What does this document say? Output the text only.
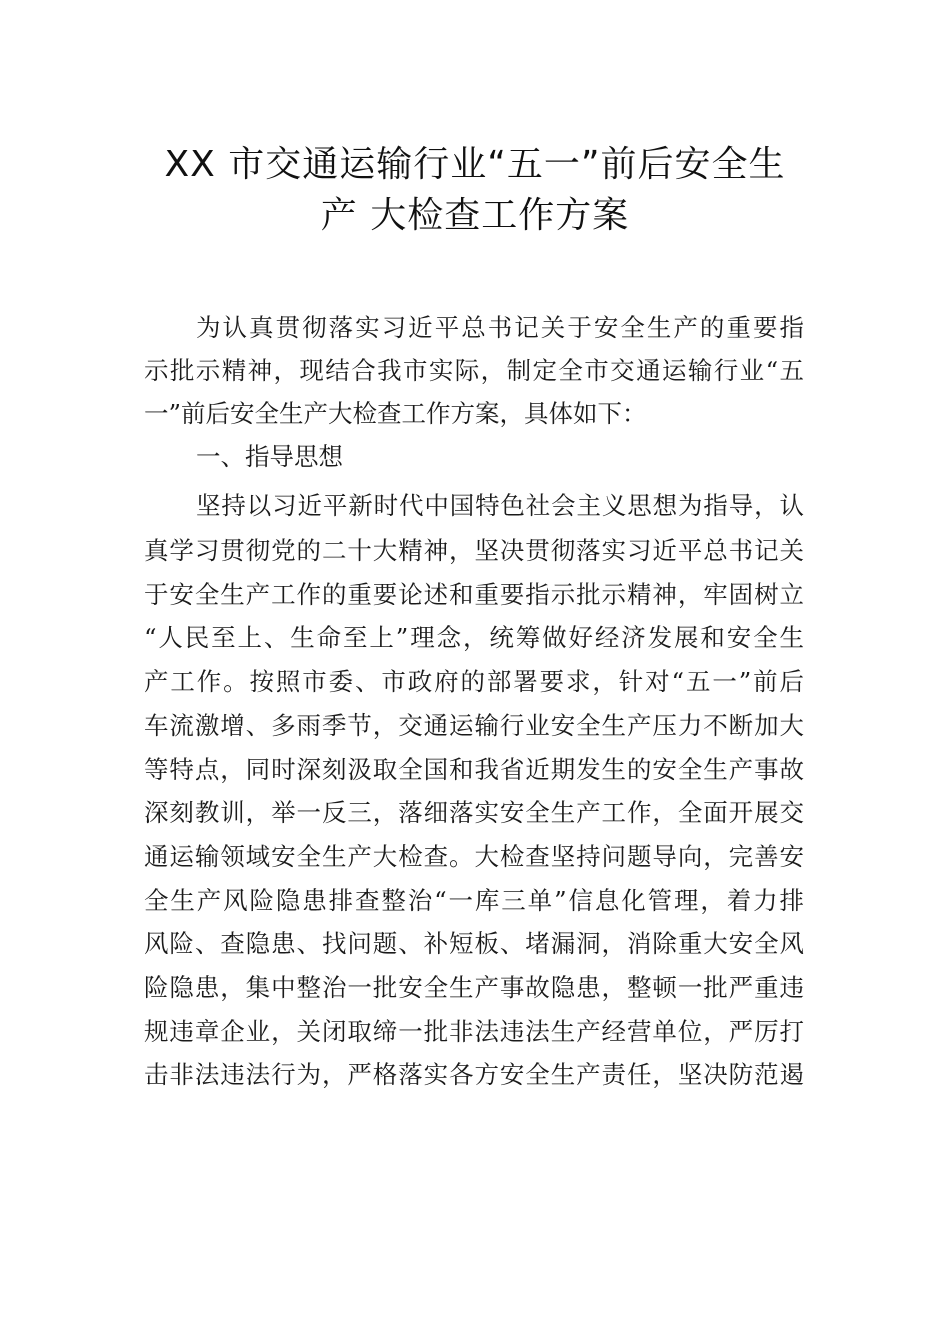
XX 市交通运输行业“五一”前后安全生
产 大检查工作方案
为认真贯彻落实习近平总书记关于安全生产的重要指
示批示精神，现结合我市实际，制定全市交通运输行业“五
一”前后安全生产大检查工作方案，具体如下：
一、指导思想
坚持以习近平新时代中国特色社会主义思想为指导，认
真学习贯彻党的二十大精神，坚决贯彻落实习近平总书记关
于安全生产工作的重要论述和重要指示批示精神，牢固树立
“人民至上、生命至上”理念，统筹做好经济发展和安全生
产工作。按照市委、市政府的部署要求，针对“五一”前后
车流激增、多雨季节，交通运输行业安全生产压力不断加大
等特点，同时深刻汲取全国和我省近期发生的安全生产事故
深刻教训，举一反三，落细落实安全生产工作，全面开展交
通运输领域安全生产大检查。大检查坚持问题导向，完善安
全生产风险隐患排查整治“一库三单”信息化管理，着力排
风险、查隐患、找问题、补短板、堵漏洞，消除重大安全风
险隐患，集中整治一批安全生产事故隐患，整顿一批严重违
规违章企业，关闭取缔一批非法违法生产经营单位，严厉打
击非法违法行为，严格落实各方安全生产责任，坚决防范遏
